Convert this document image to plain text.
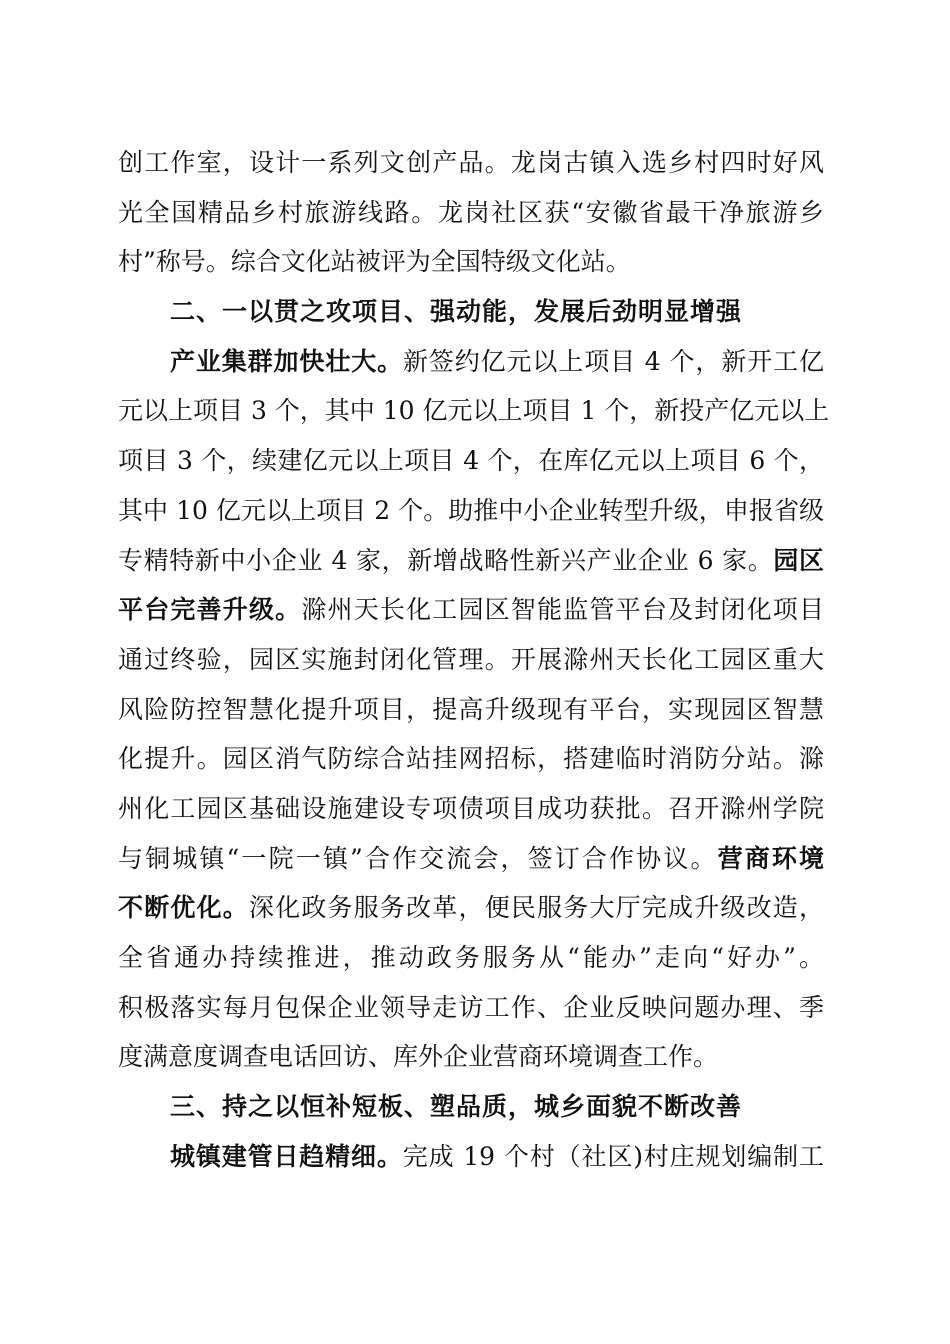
创工作室，设计一系列文创产品。龙岗古镇入选乡村四时好风
光全国精品乡村旅游线路。龙岗社区获“安徽省最干净旅游乡
村”称号。综合文化站被评为全国特级文化站。
二、一以贯之攻项目、强动能，发展后劲明显增强
产业集群加快壮大。新签约亿元以上项目 4 个，新开工亿
元以上项目 3 个，其中 10 亿元以上项目 1 个，新投产亿元以上
项目 3 个，续建亿元以上项目 4 个，在库亿元以上项目 6 个，
其中 10 亿元以上项目 2 个。助推中小企业转型升级，申报省级
专精特新中小企业 4 家，新增战略性新兴产业企业 6 家。园区
平台完善升级。滁州天长化工园区智能监管平台及封闭化项目
通过终验，园区实施封闭化管理。开展滁州天长化工园区重大
风险防控智慧化提升项目，提高升级现有平台，实现园区智慧
化提升。园区消气防综合站挂网招标，搭建临时消防分站。滁
州化工园区基础设施建设专项债项目成功获批。召开滁州学院
与铜城镇“一院一镇”合作交流会，签订合作协议。营商环境
不断优化。深化政务服务改革，便民服务大厅完成升级改造，
全省通办持续推进，推动政务服务从“能办”走向“好办”。
积极落实每月包保企业领导走访工作、企业反映问题办理、季
度满意度调查电话回访、库外企业营商环境调查工作。
三、持之以恒补短板、塑品质，城乡面貌不断改善
城镇建管日趋精细。完成 19 个村（社区)村庄规划编制工
